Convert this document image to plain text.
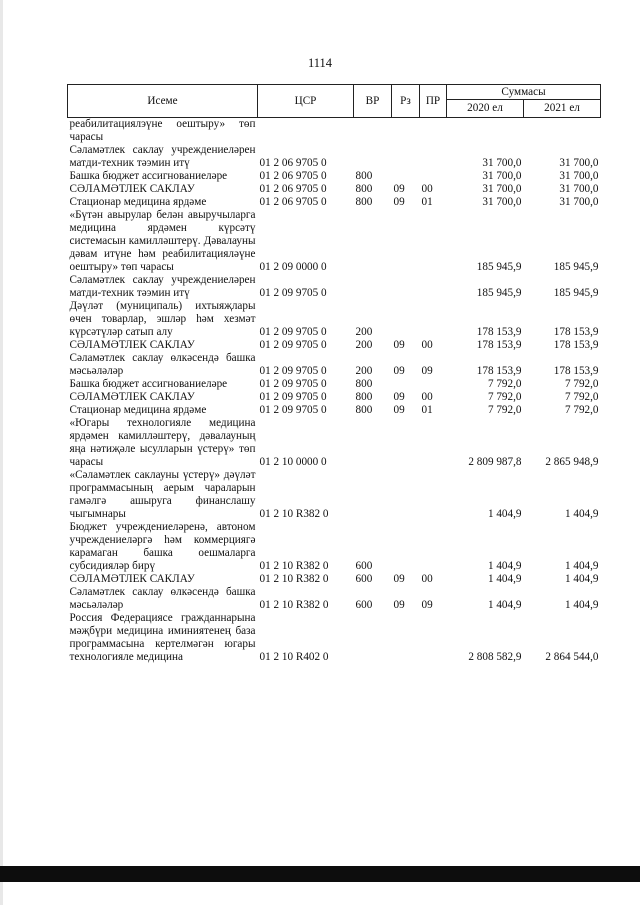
1114
Исеме	ЦСР	ВР	Рз	ПР	Суммасы	
					2020 ел	2021 ел
реабилитациялэүне оештыру» төп чарасы						
Сәламәтлек саклау учреждениеләрен матди-техник тәэмин итү	01 2 06 9705 0				31 700,0	31 700,0
Башка бюджет ассигнованиеләре	01 2 06 9705 0	800			31 700,0	31 700,0
СӘЛАМӘТЛЕК САКЛАУ	01 2 06 9705 0	800	09	00	31 700,0	31 700,0
Стационар медицина ярдәме	01 2 06 9705 0	800	09	01	31 700,0	31 700,0
«Бүтән авырулар белән авыручыларга медицина ярдәмен күрсәтү системасын камилләштерү. Дәвалауны дәвам итүне һәм реабилитацияләүне оештыру» төп чарасы	01 2 09 0000 0				185 945,9	185 945,9
Сәламәтлек саклау учреждениеләрен матди-техник тәэмин итү	01 2 09 9705 0				185 945,9	185 945,9
Дәүләт (муниципаль) ихтыяҗлары өчен товарлар, эшләр һәм хезмәт күрсәтүләр сатып алу	01 2 09 9705 0	200			178 153,9	178 153,9
СӘЛАМӘТЛЕК САКЛАУ	01 2 09 9705 0	200	09	00	178 153,9	178 153,9
Сәламәтлек саклау өлкәсендә башка мәсьәләләр	01 2 09 9705 0	200	09	09	178 153,9	178 153,9
Башка бюджет ассигнованиеләре	01 2 09 9705 0	800			7 792,0	7 792,0
СӘЛАМӘТЛЕК САКЛАУ	01 2 09 9705 0	800	09	00	7 792,0	7 792,0
Стационар медицина ярдәме	01 2 09 9705 0	800	09	01	7 792,0	7 792,0
«Югары технологияле медицина ярдәмен камилләштерү, дәвалауның яңа нәтиҗәле ысулларын үстерү» төп чарасы	01 2 10 0000 0				2 809 987,8	2 865 948,9
«Сәламәтлек саклауны үстерү» дәүләт программасының аерым чараларын гамәлгә ашыруга финанслашу чыгымнары	01 2 10 R382 0				1 404,9	1 404,9
Бюджет учреждениеләренә, автоном учреждениеләргә һәм коммерциягә карамаган башка оешмаларга субсидияләр бирү	01 2 10 R382 0	600			1 404,9	1 404,9
СӘЛАМӘТЛЕК САКЛАУ	01 2 10 R382 0	600	09	00	1 404,9	1 404,9
Сәламәтлек саклау өлкәсендә башка мәсьәләләр	01 2 10 R382 0	600	09	09	1 404,9	1 404,9
Россия Федерациясе гражданнарына мәҗбүри медицина иминиятенең база программасына кертелмәгән югары технологияле медицина	01 2 10 R402 0				2 808 582,9	2 864 544,0
